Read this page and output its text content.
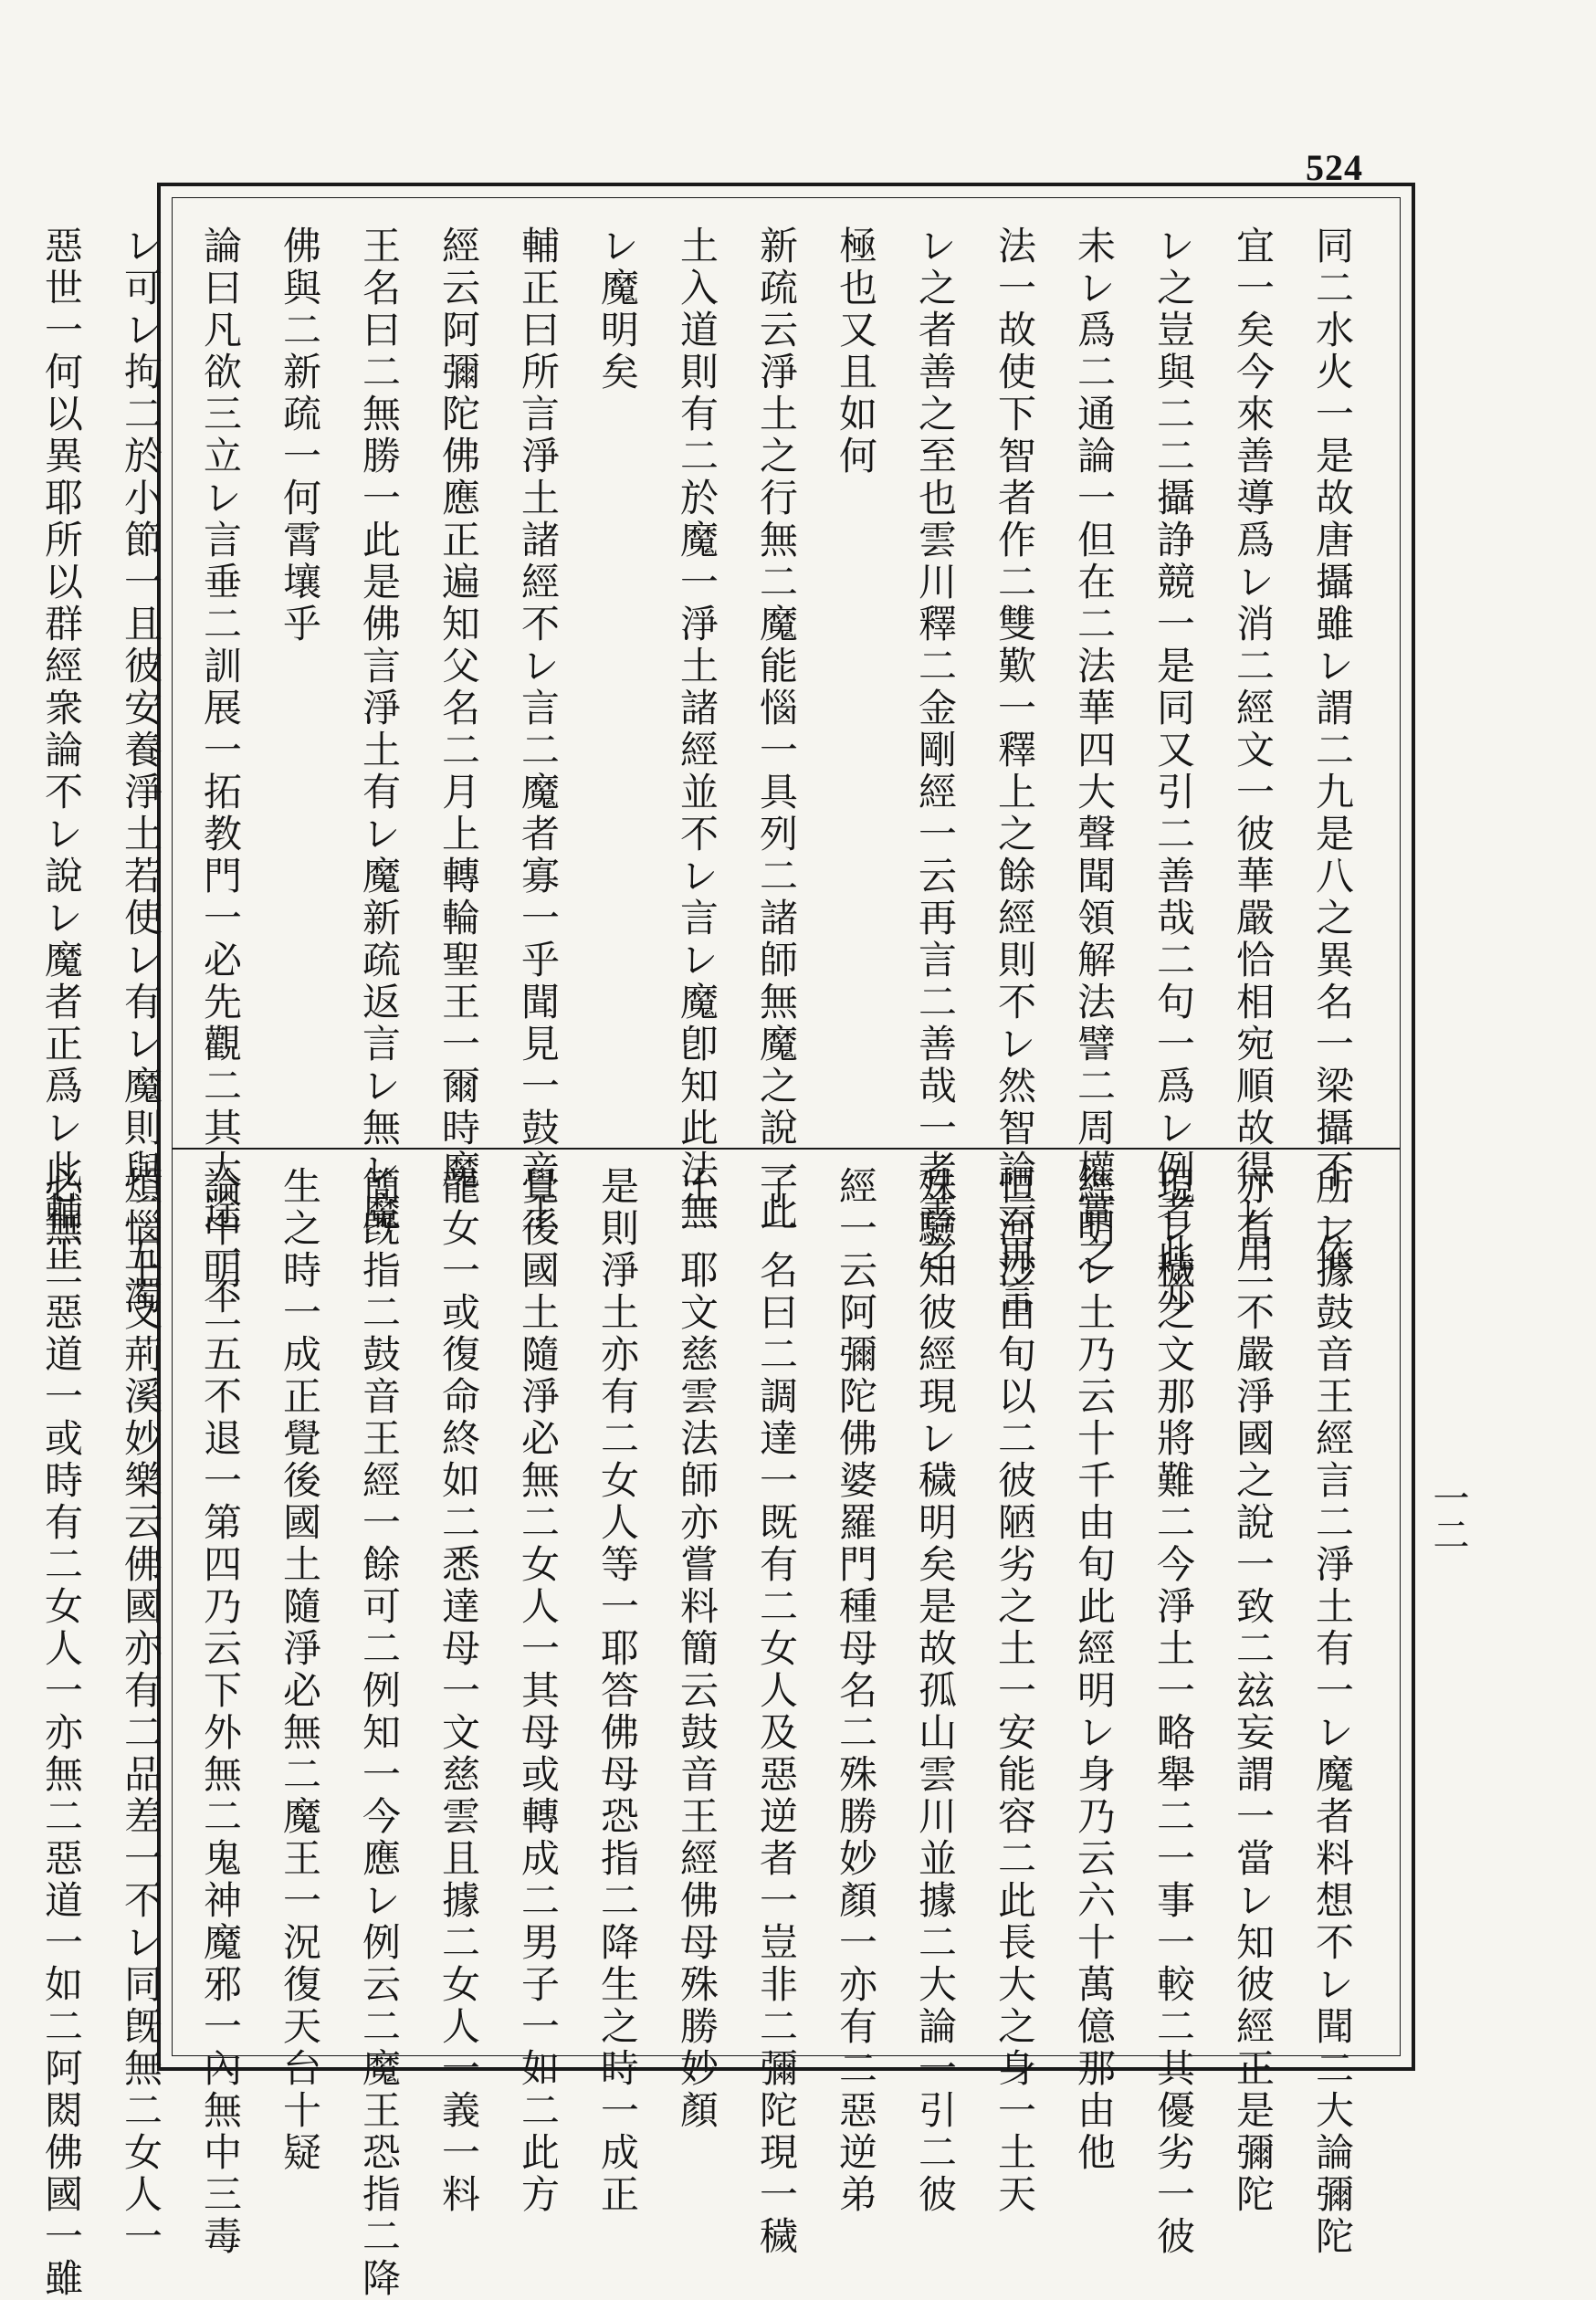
524
同二水火一是故唐攝雖レ謂二九是八之異名一梁攝不二依
宜一矣今來善導爲レ消二經文一彼華嚴恰相宛順故得レ用
レ之豈與二二攝諍競一是同又引二善哉二句一爲レ例者此亦
未レ爲二通論一但在二法華四大聲聞領解法譬二周權實之
法一故使下智者作二雙歎一釋上之餘經則不レ然智論云再言
レ之者善之至也雲川釋二金剛經一云再言二善哉一者善之
極也又且如何
新疏云淨土之行無二魔能惱一具列二諸師無魔之說一此
土入道則有二於魔一淨土諸經並不レ言レ魔卽知此法無
レ魔明矣
輔正曰所言淨土諸經不レ言二魔者寡一乎聞見一鼓音王
經云阿彌陀佛應正遍知父名二月上轉輪聖王一爾時魔
王名曰二無勝一此是佛言淨土有レ魔新疏返言レ無レ魔
佛與二新疏一何霄壤乎
論曰凡欲三立レ言垂二訓展一拓教門一必先觀二其大途一不
レ可レ拘二於小節一且彼安養淨土若使レ有レ魔則與二五濁
惡世一何以異耶所以群經衆論不レ說レ魔者正爲レ此輔正
所レ據鼓音王經言二淨土有一レ魔者料想不レ聞二大論彌陀
亦有二不嚴淨國之說一致二玆妄謂一當レ知彼經正是彌陀
現レ穢之文那將難二今淨土一略舉二一事一較二其優劣一彼
經明レ土乃云十千由旬此經明レ身乃云六十萬億那由他
恒河沙由旬以二彼陋劣之土一安能容二此長大之身一土天
殊驗知彼經現レ穢明矣是故孤山雲川並據二大論一引二彼
經一云阿彌陀佛婆羅門種母名二殊勝妙顏一亦有二惡逆弟
子一名曰二調達一既有二女人及惡逆者一豈非二彌陀現一穢
土一耶文慈雲法師亦嘗料簡云鼓音王經佛母殊勝妙顏
是則淨土亦有二女人等一耶答佛母恐指二降生之時一成正
覺後國土隨淨必無二女人一其母或轉成二男子一如二此方
龍女一或復命終如二悉達母一文慈雲且據二女人一義一料
簡旣指二鼓音王經一餘可二例知一今應レ例云二魔王恐指二降
生之時一成正覺後國土隨淨必無二魔王一況復天台十疑
論中明二五不退一第四乃云下外無二鬼神魔邪一內無中三毒
煩惱上文荊溪妙樂云佛國亦有二品差一不レ同旣無二女人一
必無二惡道一或時有二女人一亦無二惡道一如二阿閦佛國一雖	一二
